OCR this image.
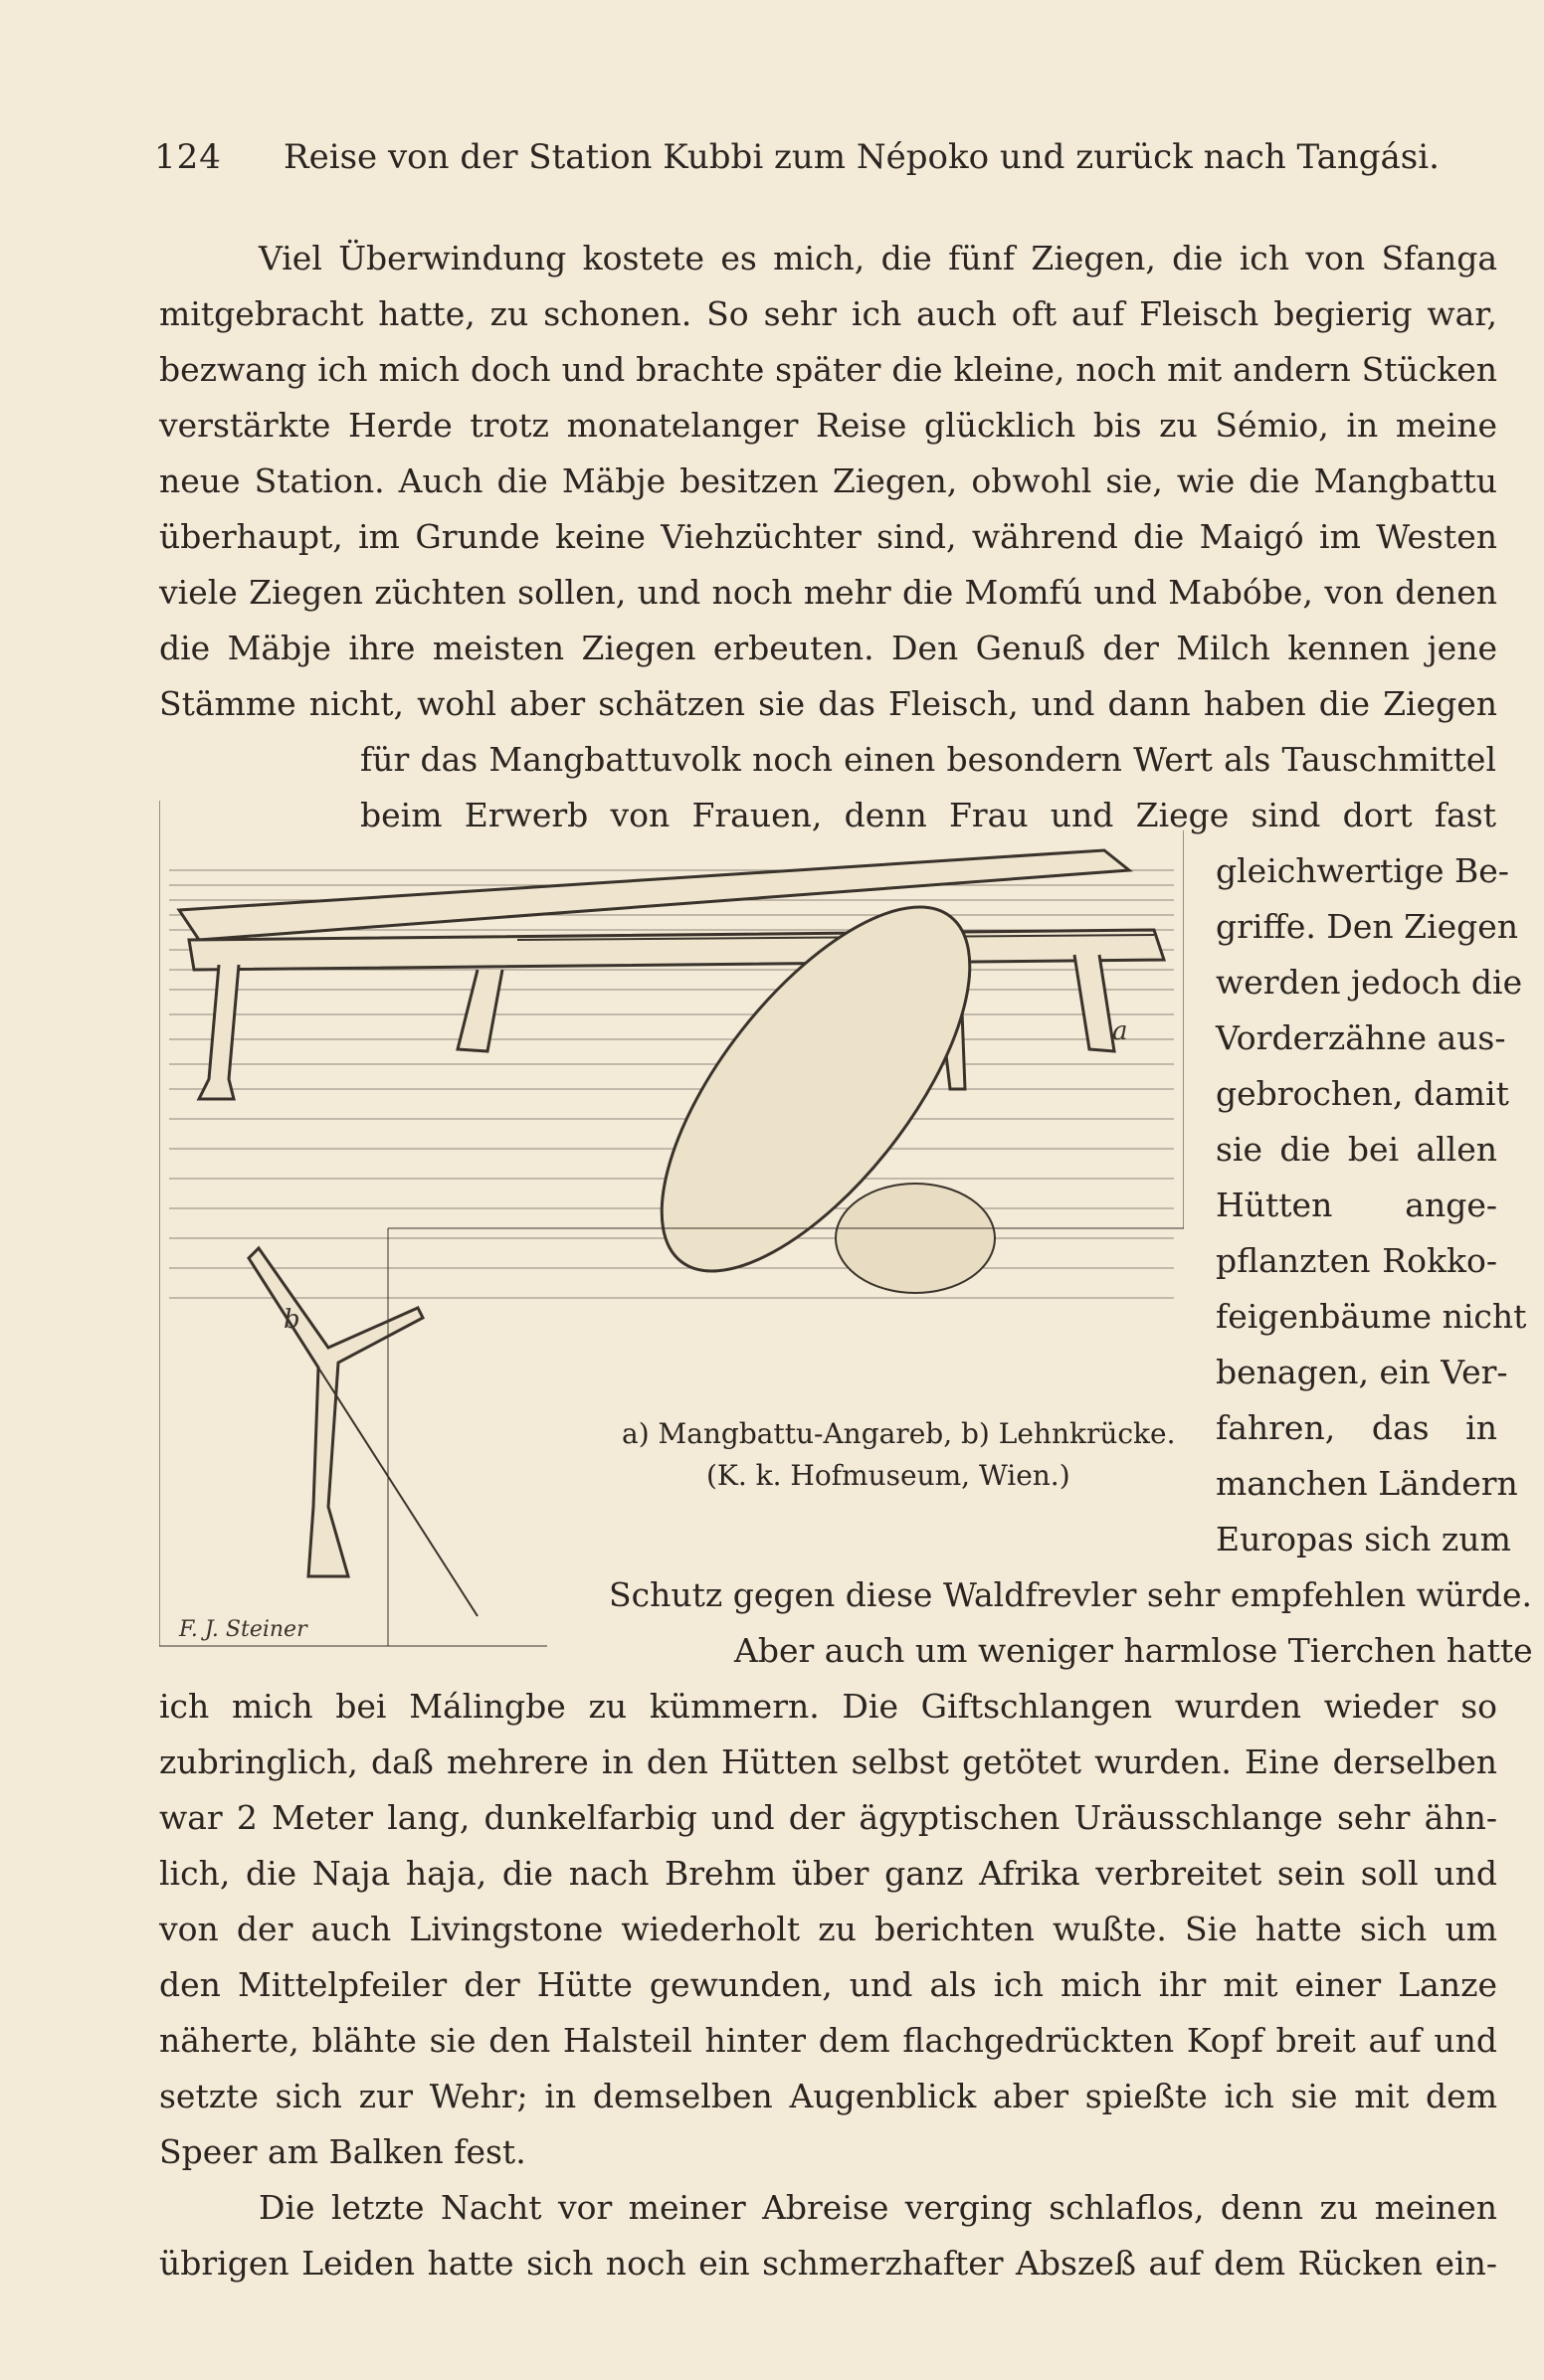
124 Reise von der Station Kubbi zum Népoko und zurück nach Tangási.
Viel Überwindung kostete es mich, die fünf Ziegen, die ich von Sfanga
mitgebracht hatte, zu schonen. So sehr ich auch oft auf Fleisch begierig war,
bezwang ich mich doch und brachte später die kleine, noch mit andern Stücken
verstärkte Herde trotz monatelanger Reise glücklich bis zu Sémio, in meine
neue Station. Auch die Mäbje besitzen Ziegen, obwohl sie, wie die Mangbattu
überhaupt, im Grunde keine Viehzüchter sind, während die Maigó im Westen
viele Ziegen züchten sollen, und noch mehr die Momfú und Mabóbe, von denen
die Mäbje ihre meisten Ziegen erbeuten. Den Genuß der Milch kennen jene
Stämme nicht, wohl aber schätzen sie das Fleisch, und dann haben die Ziegen
für das Mangbattuvolk noch einen besondern Wert als Tauschmittel
beim Erwerb von Frauen, denn Frau und Ziege sind dort fast
gleichwertige Be-
griffe. Den Ziegen
werden jedoch die
Vorderzähne aus-
gebrochen, damit
sie die bei allen
Hütten ange-
pflanzten Rokko-
feigenbäume nicht
benagen, ein Ver-
fahren, das in
manchen Ländern
Europas sich zum
Schutz gegen diese Waldfrevler sehr empfehlen würde.
Aber auch um weniger harmlose Tierchen hatte
ich mich bei Málingbe zu kümmern. Die Giftschlangen wurden wieder so
zubringlich, daß mehrere in den Hütten selbst getötet wurden. Eine derselben
war 2 Meter lang, dunkelfarbig und der ägyptischen Uräusschlange sehr ähn-
lich, die Naja haja, die nach Brehm über ganz Afrika verbreitet sein soll und
von der auch Livingstone wiederholt zu berichten wußte. Sie hatte sich um
den Mittelpfeiler der Hütte gewunden, und als ich mich ihr mit einer Lanze
näherte, blähte sie den Halsteil hinter dem flachgedrückten Kopf breit auf und
setzte sich zur Wehr; in demselben Augenblick aber spießte ich sie mit dem
Speer am Balken fest.
Die letzte Nacht vor meiner Abreise verging schlaflos, denn zu meinen
übrigen Leiden hatte sich noch ein schmerzhafter Abszeß auf dem Rücken ein-
a
b
F. J. Steiner
a) Mangbattu-Angareb, b) Lehnkrücke.
(K. k. Hofmuseum, Wien.)
